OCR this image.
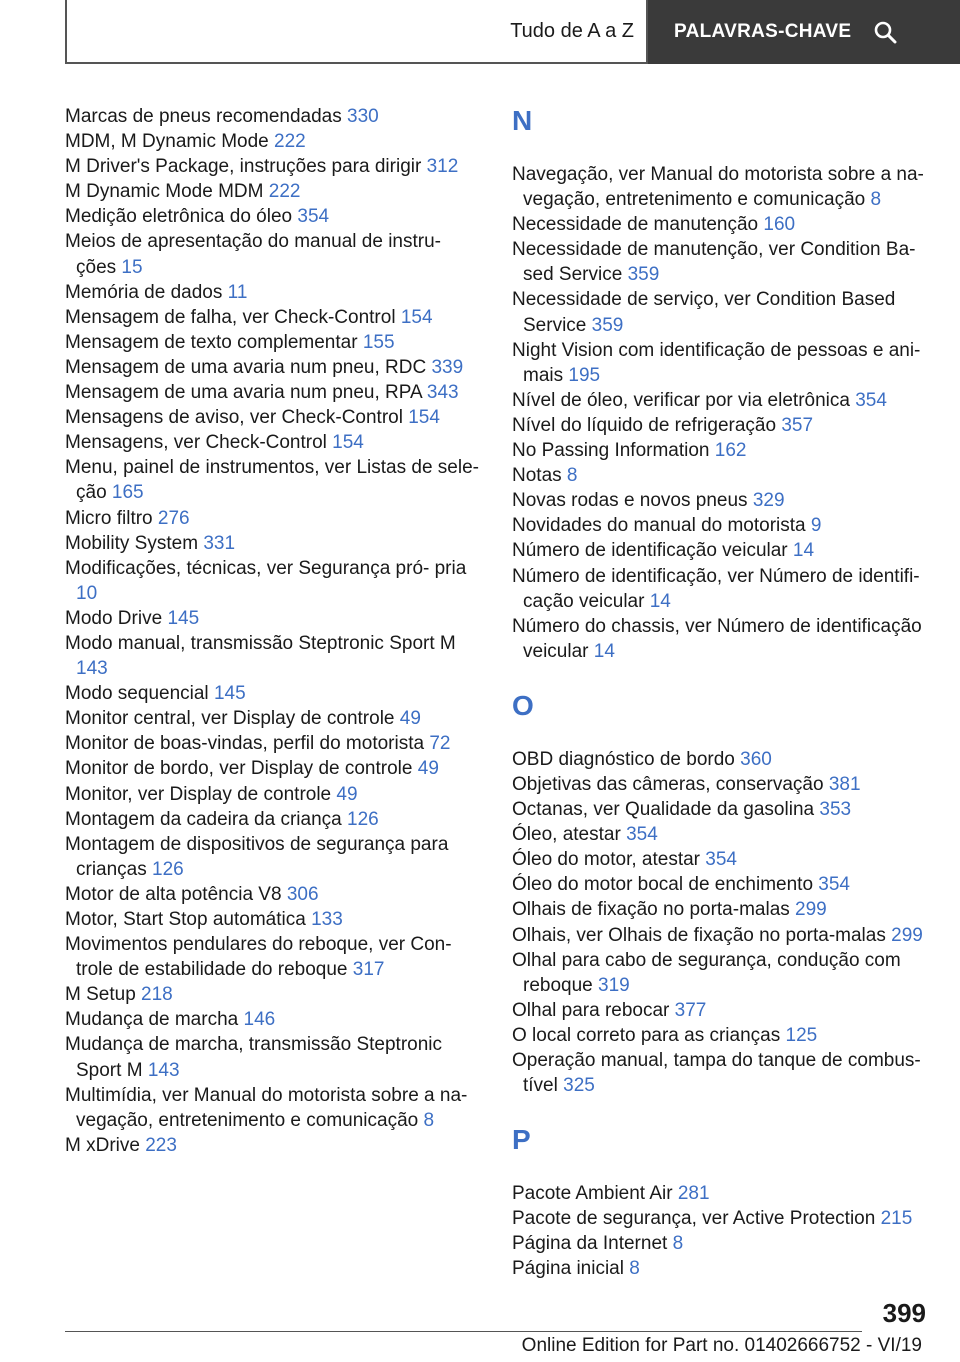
Tudo de A a Z PALAVRAS-CHAVE
Marcas de pneus recomendadas 330
MDM, M Dynamic Mode 222
M Driver's Package, instruções para dirigir 312
M Dynamic Mode MDM 222
Medição eletrônica do óleo 354
Meios de apresentação do manual de instru‐ ções 15
Memória de dados 11
Mensagem de falha, ver Check-Control 154
Mensagem de texto complementar 155
Mensagem de uma avaria num pneu, RDC 339
Mensagem de uma avaria num pneu, RPA 343
Mensagens de aviso, ver Check-Control 154
Mensagens, ver Check-Control 154
Menu, painel de instrumentos, ver Listas de sele‐ ção 165
Micro filtro 276
Mobility System 331
Modificações, técnicas, ver Segurança pró‐ pria 10
Modo Drive 145
Modo manual, transmissão Steptronic Sport M 143
Modo sequencial 145
Monitor central, ver Display de controle 49
Monitor de boas-vindas, perfil do motorista 72
Monitor de bordo, ver Display de controle 49
Monitor, ver Display de controle 49
Montagem da cadeira da criança 126
Montagem de dispositivos de segurança para crianças 126
Motor de alta potência V8 306
Motor, Start Stop automática 133
Movimentos pendulares do reboque, ver Con‐ trole de estabilidade do reboque 317
M Setup 218
Mudança de marcha 146
Mudança de marcha, transmissão Steptronic Sport M 143
Multimídia, ver Manual do motorista sobre a na‐ vegação, entretenimento e comunicação 8
M xDrive 223
N
Navegação, ver Manual do motorista sobre a na‐ vegação, entretenimento e comunicação 8
Necessidade de manutenção 160
Necessidade de manutenção, ver Condition Ba‐ sed Service 359
Necessidade de serviço, ver Condition Based Service 359
Night Vision com identificação de pessoas e ani‐ mais 195
Nível de óleo, verificar por via eletrônica 354
Nível do líquido de refrigeração 357
No Passing Information 162
Notas 8
Novas rodas e novos pneus 329
Novidades do manual do motorista 9
Número de identificação veicular 14
Número de identificação, ver Número de identifi‐ cação veicular 14
Número do chassis, ver Número de identificação veicular 14
O
OBD diagnóstico de bordo 360
Objetivas das câmeras, conservação 381
Octanas, ver Qualidade da gasolina 353
Óleo, atestar 354
Óleo do motor, atestar 354
Óleo do motor bocal de enchimento 354
Olhais de fixação no porta-malas 299
Olhais, ver Olhais de fixação no porta-malas 299
Olhal para cabo de segurança, condução com reboque 319
Olhal para rebocar 377
O local correto para as crianças 125
Operação manual, tampa do tanque de combus‐ tível 325
P
Pacote Ambient Air 281
Pacote de segurança, ver Active Protection 215
Página da Internet 8
Página inicial 8
399
Online Edition for Part no. 01402666752 - VI/19
